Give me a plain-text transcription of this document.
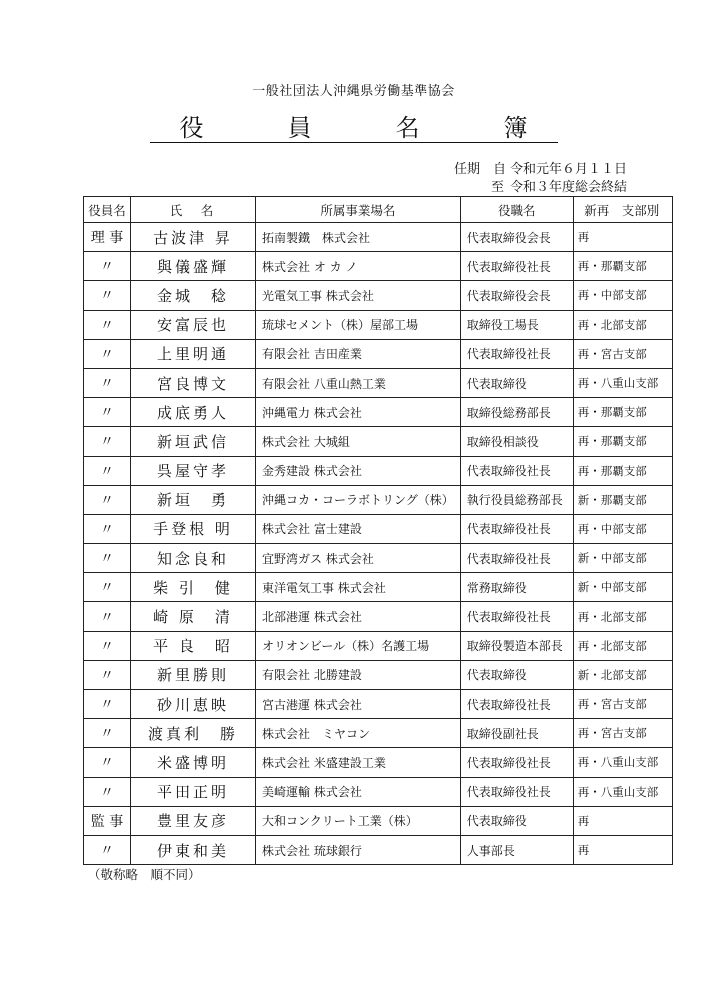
一般社団法人沖縄県労働基準協会
役　員　名　簿
任期　自 令和元年６月１１日
至 令和３年度総会終結
役員名	氏　名	所属事業場名	役職名	新再　支部別
理 事	古波津 昇	拓南製鐵　株式会社	代表取締役会長	再
〃	與儀盛輝	株式会社 オ カ ノ	代表取締役社長	再・那覇支部
〃	金城　稔	光電気工事 株式会社	代表取締役会長	再・中部支部
〃	安富辰也	琉球セメント（株）屋部工場	取締役工場長	再・北部支部
〃	上里明通	有限会社 吉田産業	代表取締役社長	再・宮古支部
〃	宮良博文	有限会社 八重山熱工業	代表取締役	再・八重山支部
〃	成底勇人	沖縄電力 株式会社	取締役総務部長	再・那覇支部
〃	新垣武信	株式会社 大城組	取締役相談役	再・那覇支部
〃	呉屋守孝	金秀建設 株式会社	代表取締役社長	再・那覇支部
〃	新垣　勇	沖縄コカ・コーラボトリング（株）	執行役員総務部長	新・那覇支部
〃	手登根 明	株式会社 富士建設	代表取締役社長	再・中部支部
〃	知念良和	宜野湾ガス 株式会社	代表取締役社長	新・中部支部
〃	柴 引　健	東洋電気工事 株式会社	常務取締役	新・中部支部
〃	崎 原　清	北部港運 株式会社	代表取締役社長	再・北部支部
〃	平 良　昭	オリオンビール（株）名護工場	取締役製造本部長	再・北部支部
〃	新里勝則	有限会社 北勝建設	代表取締役	新・北部支部
〃	砂川恵映	宮古港運 株式会社	代表取締役社長	再・宮古支部
〃	渡真利　勝	株式会社　ミヤコン	取締役副社長	再・宮古支部
〃	米盛博明	株式会社 米盛建設工業	代表取締役社長	再・八重山支部
〃	平田正明	美崎運輸 株式会社	代表取締役社長	再・八重山支部
監 事	豊里友彦	大和コンクリート工業（株）	代表取締役	再
〃	伊東和美	株式会社 琉球銀行	人事部長	再
（敬称略　順不同）
